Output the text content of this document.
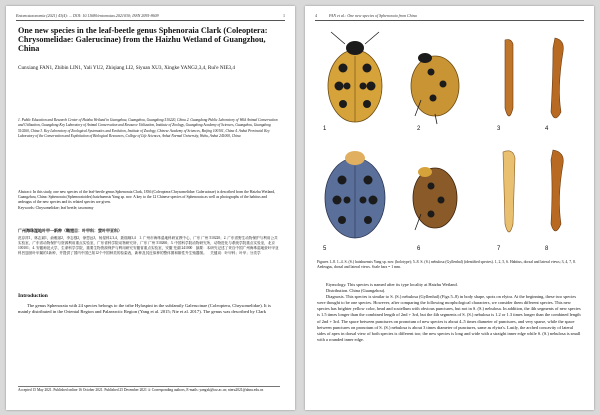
Entomotaxonomia (2021) 43(4): ... DOI: 10.11680/entomotax.2021030; ISSN 2095-8609	1
One new species in the leaf-beetle genus Sphenoraia Clark (Coleoptera: Chrysomelidae: Galerucinae) from the Haizhu Wetland of Guangzhou, China
Cunxiang FAN1, Zhibin LIN1, Yali YU2, Zhiqiang LI2, Siyuan XU3, Xingke YANG2,3,4, Rui'e NIE3,4
1. Public Education and Research Center of Haizhu Wetland in Guangzhou, Guangzhou, Guangdong 510220, China 2. Guangdong Public Laboratory of Wild Animal Conservation and Utilization, Guangdong Key Laboratory of Animal Conservation and Resource Utilization, Institute of Zoology, Guangdong Academy of Sciences, Guangzhou, Guangdong 510260, China 3. Key Laboratory of Zoological Systematics and Evolution, Institute of Zoology, Chinese Academy of Sciences, Beijing 100101, China 4. Anhui Provincial Key Laboratory of the Conservation and Exploitation of Biological Resources, College of Life Sciences, Anhui Normal University, Wuhu, Anhui 241000, China

Abstract: In this study, one new species of the leaf-beetle genus Sphenoraia Clark, 1836 (Coleoptera:Chrysomelidae: Galerucinae) is described from the Haizhu Wetland, Guangzhou, China: Sphenoraia (Sphenoraioides) haizhuensis Yang sp. nov. A key to the 12 Chinese species of Sphenoraia as well as photographs of the habitus and aedeagus of the new species and its related species are given.

Keywords: Chrysomelidae; leaf beetle; taxonomy

广州海珠湿地叶甲一新种（鞘翅目：叶甲科：萤叶甲亚科）
范存祥1，林志斌1，俞雅丽2，李志强2，徐思远3，杨星科2,3,4，聂瑞娥3,4　1. 广州市海珠湿地科研宣教中心，广东 广州 510220；2. 广东省野生动物保护与利用公共实验室，广东省动物保护与资源利用重点实验室，广东省科学院动物研究所，广东 广州 510260；3. 中国科学院动物研究所，动物进化与系统学院重点实验室，北京 100101；4. 安徽师范大学，生命科学学院，重要生物资源保护与利用研究安徽省重点实验室，安徽 芜湖 241000　摘要：本研究记述了采自中国广州海珠湿地萤叶甲亚科凹翅萤叶甲属的1新种，并提供了国内中国已知12个中国种类的检索表，新种及其近似种的整体图和雄性外生殖器图。　关键词：叶甲科；叶甲；分类学
Introduction
The genus Sphenoraia with 24 species belongs to the tribe Hylaspini in the subfamily Galerucinae (Coleoptera, Chrysomelidae). It is mainly distributed in the Oriental Region and Palaearctic Region (Yang et al. 2015; Nie et al. 2017). The genus was described by Clark
Accepted 15 May 2021. Published online 16 October 2021. Published 25 December 2021 ① Corresponding authors, E-mails: yangxk@ioz.ac.cn; nieru2021@ahnu.edu.cn
4	FAN et al.: One new species of Sphenoraia from China
1	2	3	4
5	6	7	8
Figures 1–8. 1–4. S. (S.) haizhuensis Yang sp. nov. (holotype); 5–8. S. (S.) nebulosa (Gyllenhal) (identified species). 1, 2, 5, 6. Habitus, dorsal and lateral views; 3, 4, 7, 8. Aedeagus, dorsal and lateral views. Scale bars = 1 mm.

Etymology. This species is named after its type locality at Haizhu Wetland.

Distribution. China (Guangzhou).

Diagnosis. This species is similar to S. (S.) nebulosa (Gyllenhal) (Figs 5–8) in body shape, spots on elytra. At the beginning, these two species were thought to be one species. However, after comparing the following morphological characters, we consider them different species. This new species has brighter yellow color, head and scutellum with obvious punctures, but not in S. (S.) nebulosa. In addition, the 4th segments of new species is 1.5 times longer than the combined length of 2nd + 3rd, but the 4th segments of S. (S.) nebulosa is 1.2 or 1.3 times longer than the combined length of 2nd + 3rd. The space between punctures on pronotum of new species is about 4–5 times diameter of punctures, and very sparse, while the space between punctures on pronotum of S. (S.) nebulosa is about 3 times diameter of punctures, same as elytra's. Lastly, the arched concavity of lateral sides of apex in dorsal view of both species is different too; the new species is long and wide with a straight inner edge while S. (S.) nebulosa is small with a rounded inner edge.
